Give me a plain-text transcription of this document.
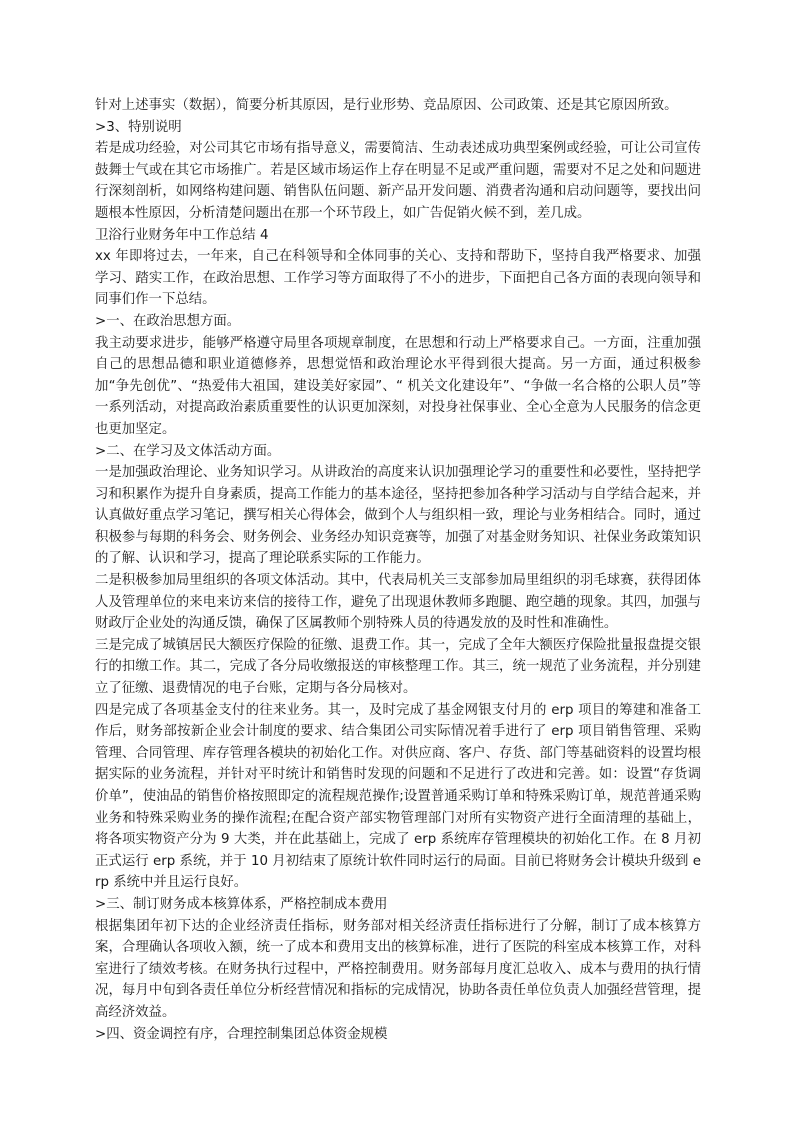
针对上述事实（数据），简要分析其原因，是行业形势、竞品原因、公司政策、还是其它原因所致。

>3、特别说明

若是成功经验，对公司其它市场有指导意义，需要简洁、生动表述成功典型案例或经验，可让公司宣传鼓舞士气或在其它市场推广。若是区域市场运作上存在明显不足或严重问题，需要对不足之处和问题进行深刻剖析，如网络构建问题、销售队伍问题、新产品开发问题、消费者沟通和启动问题等，要找出问题根本性原因，分析清楚问题出在那一个环节段上，如广告促销火候不到，差几成。

卫浴行业财务年中工作总结 4

xx 年即将过去，一年来，自己在科领导和全体同事的关心、支持和帮助下，坚持自我严格要求、加强学习、踏实工作，在政治思想、工作学习等方面取得了不小的进步，下面把自己各方面的表现向领导和同事们作一下总结。

>一、在政治思想方面。

我主动要求进步，能够严格遵守局里各项规章制度，在思想和行动上严格要求自己。一方面，注重加强自己的思想品德和职业道德修养，思想觉悟和政治理论水平得到很大提高。另一方面，通过积极参加“争先创优”、“热爱伟大祖国，建设美好家园”、“ 机关文化建设年”、“争做一名合格的公职人员”等一系列活动，对提高政治素质重要性的认识更加深刻，对投身社保事业、全心全意为人民服务的信念更也更加坚定。

>二、在学习及文体活动方面。

一是加强政治理论、业务知识学习。从讲政治的高度来认识加强理论学习的重要性和必要性，坚持把学习和积累作为提升自身素质，提高工作能力的基本途径，坚持把参加各种学习活动与自学结合起来，并认真做好重点学习笔记，撰写相关心得体会，做到个人与组织相一致，理论与业务相结合。同时，通过积极参与每期的科务会、财务例会、业务经办知识竞赛等，加强了对基金财务知识、社保业务政策知识的了解、认识和学习，提高了理论联系实际的工作能力。

二是积极参加局里组织的各项文体活动。其中，代表局机关三支部参加局里组织的羽毛球赛，获得团体人及管理单位的来电来访来信的接待工作，避免了出现退休教师多跑腿、跑空趟的现象。其四，加强与财政厅企业处的沟通反馈，确保了区属教师个别特殊人员的待遇发放的及时性和准确性。

三是完成了城镇居民大额医疗保险的征缴、退费工作。其一，完成了全年大额医疗保险批量报盘提交银行的扣缴工作。其二，完成了各分局收缴报送的审核整理工作。其三，统一规范了业务流程，并分别建立了征缴、退费情况的电子台账，定期与各分局核对。

四是完成了各项基金支付的往来业务。其一，及时完成了基金网银支付月的 erp 项目的筹建和准备工作后，财务部按新企业会计制度的要求、结合集团公司实际情况着手进行了 erp 项目销售管理、采购管理、合同管理、库存管理各模块的初始化工作。对供应商、客户、存货、部门等基础资料的设置均根据实际的业务流程，并针对平时统计和销售时发现的问题和不足进行了改进和完善。如：设置“存货调价单”，使油品的销售价格按照即定的流程规范操作;设置普通采购订单和特殊采购订单，规范普通采购业务和特殊采购业务的操作流程;在配合资产部实物管理部门对所有实物资产进行全面清理的基础上，将各项实物资产分为 9 大类，并在此基础上，完成了 erp 系统库存管理模块的初始化工作。在 8 月初正式运行 erp 系统，并于 10 月初结束了原统计软件同时运行的局面。目前已将财务会计模块升级到 erp 系统中并且运行良好。

>三、制订财务成本核算体系，严格控制成本费用

根据集团年初下达的企业经济责任指标，财务部对相关经济责任指标进行了分解，制订了成本核算方案，合理确认各项收入额，统一了成本和费用支出的核算标准，进行了医院的科室成本核算工作，对科室进行了绩效考核。在财务执行过程中，严格控制费用。财务部每月度汇总收入、成本与费用的执行情况，每月中旬到各责任单位分析经营情况和指标的完成情况，协助各责任单位负责人加强经营管理，提高经济效益。

>四、资金调控有序，合理控制集团总体资金规模
